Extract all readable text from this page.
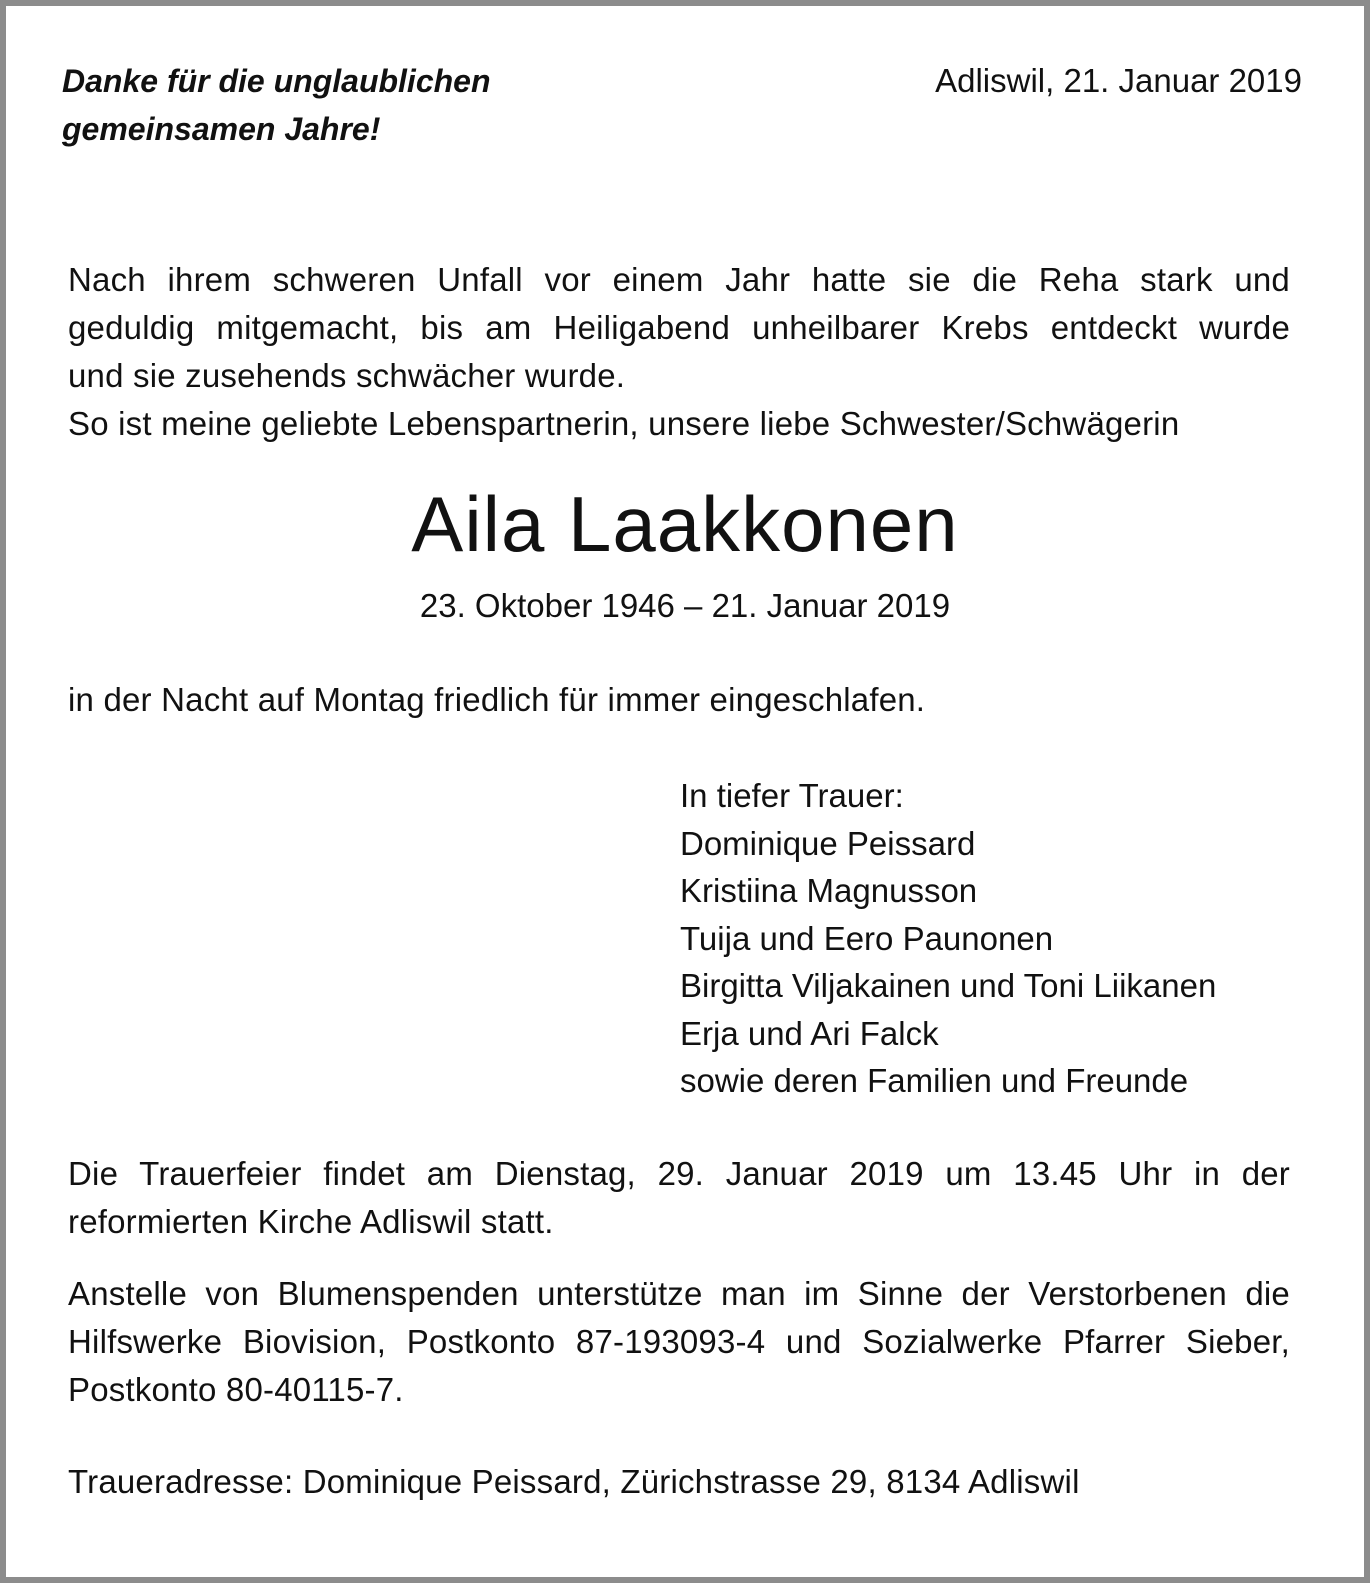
Danke für die unglaublichen
gemeinsamen Jahre!
Adliswil, 21. Januar 2019
Nach ihrem schweren Unfall vor einem Jahr hatte sie die Reha stark und
geduldig mitgemacht, bis am Heiligabend unheilbarer Krebs entdeckt wurde
und sie zusehends schwächer wurde.
So ist meine geliebte Lebenspartnerin, unsere liebe Schwester/Schwägerin
Aila Laakkonen
23. Oktober 1946 – 21. Januar 2019
in der Nacht auf Montag friedlich für immer eingeschlafen.
In tiefer Trauer:
Dominique Peissard
Kristiina Magnusson
Tuija und Eero Paunonen
Birgitta Viljakainen und Toni Liikanen
Erja und Ari Falck
sowie deren Familien und Freunde
Die Trauerfeier findet am Dienstag, 29. Januar 2019 um 13.45 Uhr in der
reformierten Kirche Adliswil statt.
Anstelle von Blumenspenden unterstütze man im Sinne der Verstorbenen die
Hilfswerke Biovision, Postkonto 87-193093-4 und Sozialwerke Pfarrer Sieber,
Postkonto 80-40115-7.
Traueradresse: Dominique Peissard, Zürichstrasse 29, 8134 Adliswil
